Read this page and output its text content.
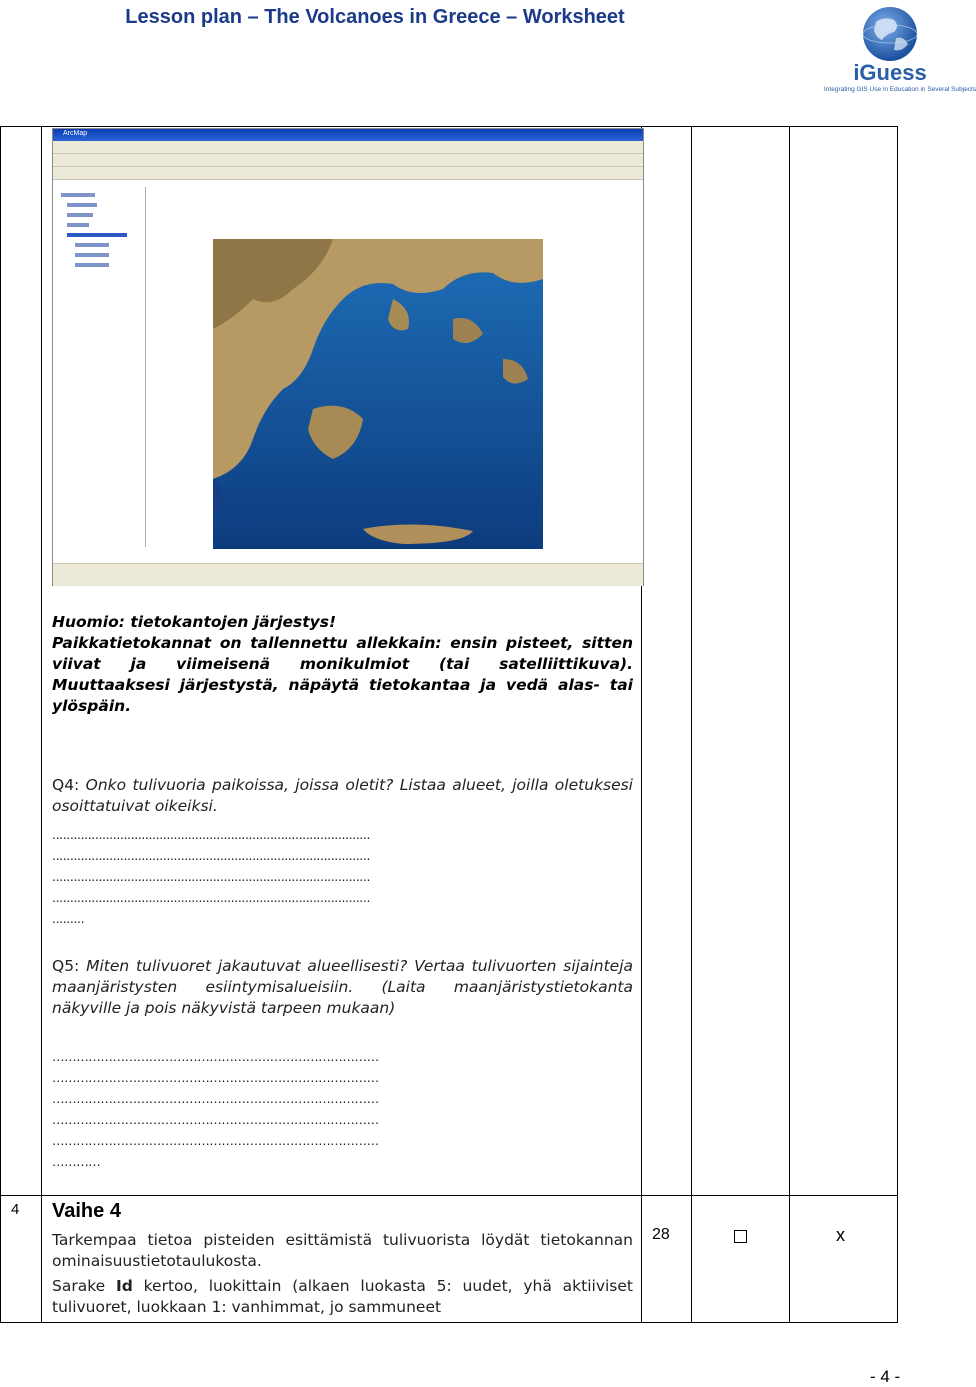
Lesson plan – The Volcanoes in Greece – Worksheet
iGuess
Integrating GIS Use in Education in Several Subjects
ArcMap
Huomio: tietokantojen järjestys!
Paikkatietokannat on tallennettu allekkain: ensin pisteet, sitten viivat ja viimeisenä monikulmiot (tai satelliittikuva). Muuttaaksesi järjestystä, näpäytä tietokantaa ja vedä alas- tai ylöspäin.
Q4: Onko tulivuoria paikoissa, joissa oletit? Listaa alueet, joilla oletuksesi osoittatuivat oikeiksi.
.........................................................................................
.........................................................................................
.........................................................................................
.........................................................................................
.........
Q5: Miten tulivuoret jakautuvat alueellisesti? Vertaa tulivuorten sijainteja maanjäristysten esiintymisalueisiin. (Laita maanjäristystietokanta näkyville ja pois näkyvistä tarpeen mukaan)
………………………………………………………………………
………………………………………………………………………
………………………………………………………………………
………………………………………………………………………
………………………………………………………………………
…………
4 Vaihe 4
Tarkempaa tietoa pisteiden esittämistä tulivuorista löydät tietokannan ominaisuustietotaulukosta.
Sarake Id kertoo, luokittain (alkaen luokasta 5: uudet, yhä aktiiviset tulivuoret, luokkaan 1: vanhimmat, jo sammuneet
28	x
- 4 -
